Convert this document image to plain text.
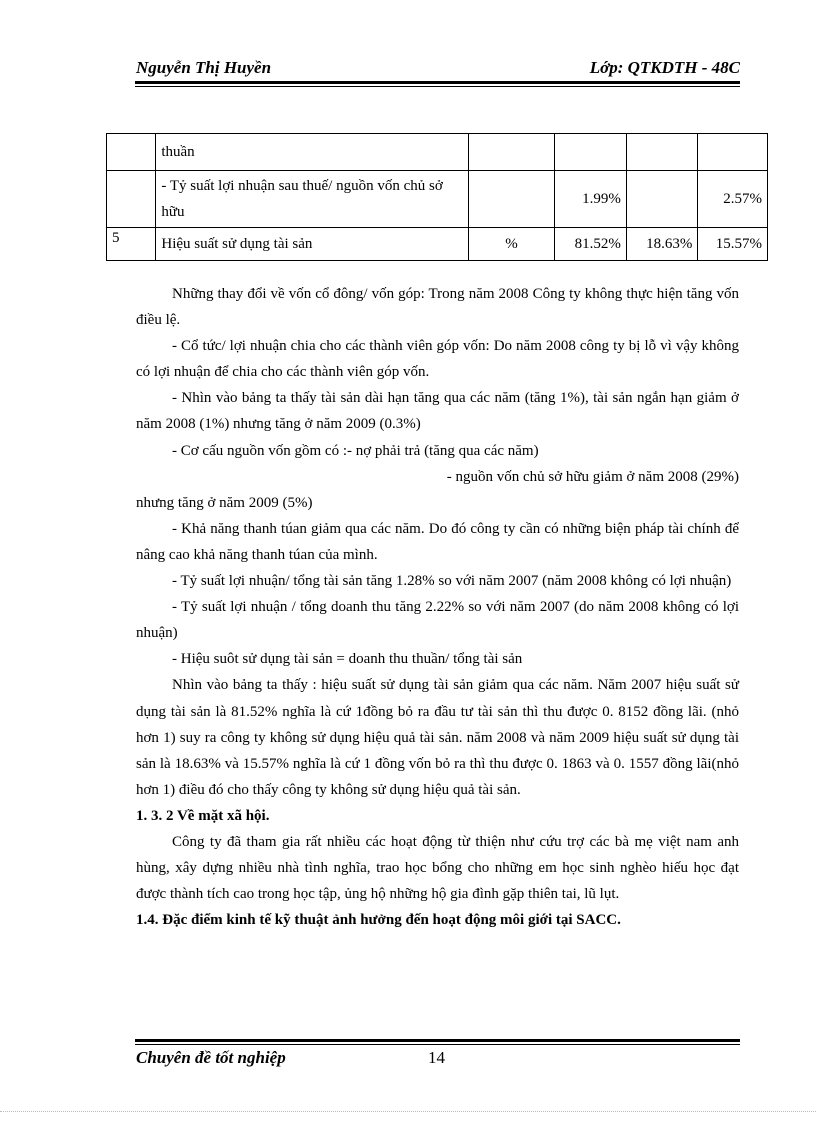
Nguyễn Thị Huyền	Lớp: QTKDTH - 48C
	thuần				
	- Tỷ suất lợi nhuận sau thuế/ nguồn vốn chủ sở hữu		1.99%		2.57%
5	Hiệu suất sử dụng tài sản	%	81.52%	18.63%	15.57%

Những thay đổi về vốn cổ đông/ vốn góp: Trong năm 2008 Công ty không thực hiện tăng vốn điều lệ.

- Cổ tức/ lợi nhuận chia cho các thành viên góp vốn: Do năm 2008 công ty bị lỗ vì vậy không có lợi nhuận để chia cho các thành viên góp vốn.

- Nhìn vào bảng ta thấy tài sản dài hạn tăng qua các năm (tăng 1%), tài sản ngắn hạn giảm ở năm 2008 (1%) nhưng tăng ở năm 2009 (0.3%)

- Cơ cấu nguồn vốn gồm có :- nợ phải trả (tăng qua các năm)

- nguồn vốn chủ sở hữu giảm ở năm 2008 (29%)

nhưng tăng ở năm 2009 (5%)

- Khả năng thanh túan giảm qua các năm. Do đó công ty cần có những biện pháp tài chính để nâng cao khả năng thanh túan của mình.

- Tỷ suất lợi nhuận/ tổng tài sản tăng 1.28% so với năm 2007 (năm 2008 không có lợi nhuận)

- Tỷ suất lợi nhuận / tổng doanh thu tăng 2.22% so với năm 2007 (do năm 2008 không có lợi nhuận)

- Hiệu suôt sử dụng tài sản = doanh thu thuần/ tổng tài sản

Nhìn vào bảng ta thấy : hiệu suất sử dụng tài sản giảm qua các năm. Năm 2007 hiệu suất sử dụng tài sản là 81.52% nghĩa là cứ 1đồng bỏ ra đầu tư tài sản thì thu được 0. 8152 đồng lãi. (nhỏ hơn 1) suy ra công ty không sử dụng hiệu quả tài sản. năm 2008 và năm 2009 hiệu suất sử dụng tài sản là 18.63% và 15.57% nghĩa là cứ 1 đồng vốn bỏ ra thì thu được 0. 1863 và 0. 1557 đồng lãi(nhỏ hơn 1) điều đó cho thấy công ty không sử dụng hiệu quả tài sản.

1. 3. 2 Về mặt xã hội.

Công ty đã tham gia rất nhiều các hoạt động từ thiện như cứu trợ các bà mẹ việt nam anh hùng, xây dựng nhiều nhà tình nghĩa, trao học bổng cho những em học sinh nghèo hiếu học đạt được thành tích cao trong học tập, ủng hộ những hộ gia đình gặp thiên tai, lũ lụt.

1.4. Đặc điểm kinh tế kỹ thuật ảnh hưởng đến hoạt động môi giới tại SACC.

Chuyên đề tốt nghiệp	14
